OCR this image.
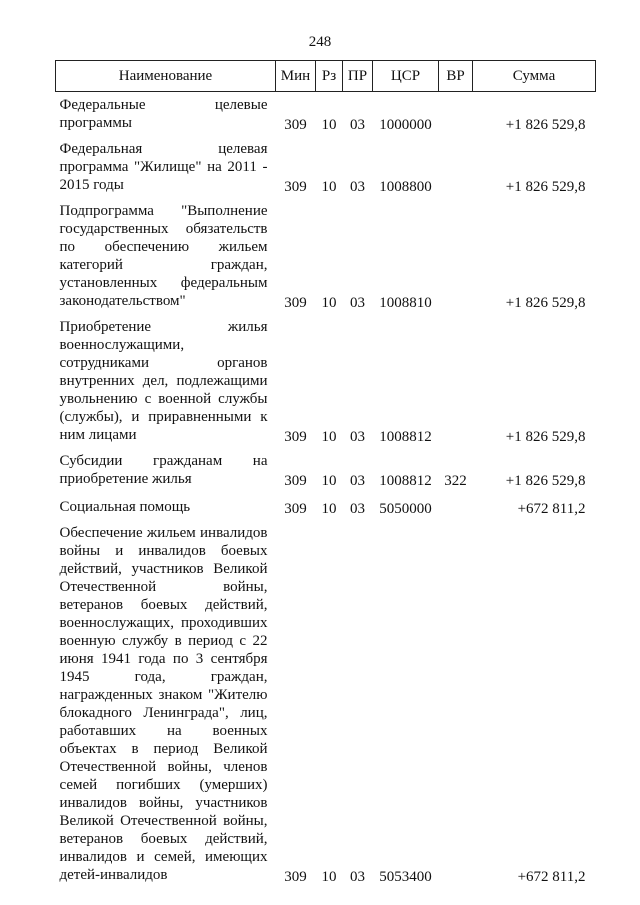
248
Наименование	Мин	Рз	ПР	ЦСР	ВР	Сумма
Федеральные целевые программы	309	10	03	1000000		+1 826 529,8
Федеральная целевая программа "Жилище" на 2011 - 2015 годы	309	10	03	1008800		+1 826 529,8
Подпрограмма "Выполнение государственных обязательств по обеспечению жильем категорий граждан, установленных федеральным законодательством"	309	10	03	1008810		+1 826 529,8
Приобретение жилья военнослужащими, сотрудниками органов внутренних дел, подлежащими увольнению с военной службы (службы), и приравненными к ним лицами	309	10	03	1008812		+1 826 529,8
Субсидии гражданам на приобретение жилья	309	10	03	1008812	322	+1 826 529,8
Социальная помощь	309	10	03	5050000		+672 811,2
Обеспечение жильем инвалидов войны и инвалидов боевых действий, участников Великой Отечественной войны, ветеранов боевых действий, военнослужащих, проходивших военную службу в период с 22 июня 1941 года по 3 сентября 1945 года, граждан, награжденных знаком "Жителю блокадного Ленинграда", лиц, работавших на военных объектах в период Великой Отечественной войны, членов семей погибших (умерших) инвалидов войны, участников Великой Отечественной войны, ветеранов боевых действий, инвалидов и семей, имеющих детей-инвалидов	309	10	03	5053400		+672 811,2
